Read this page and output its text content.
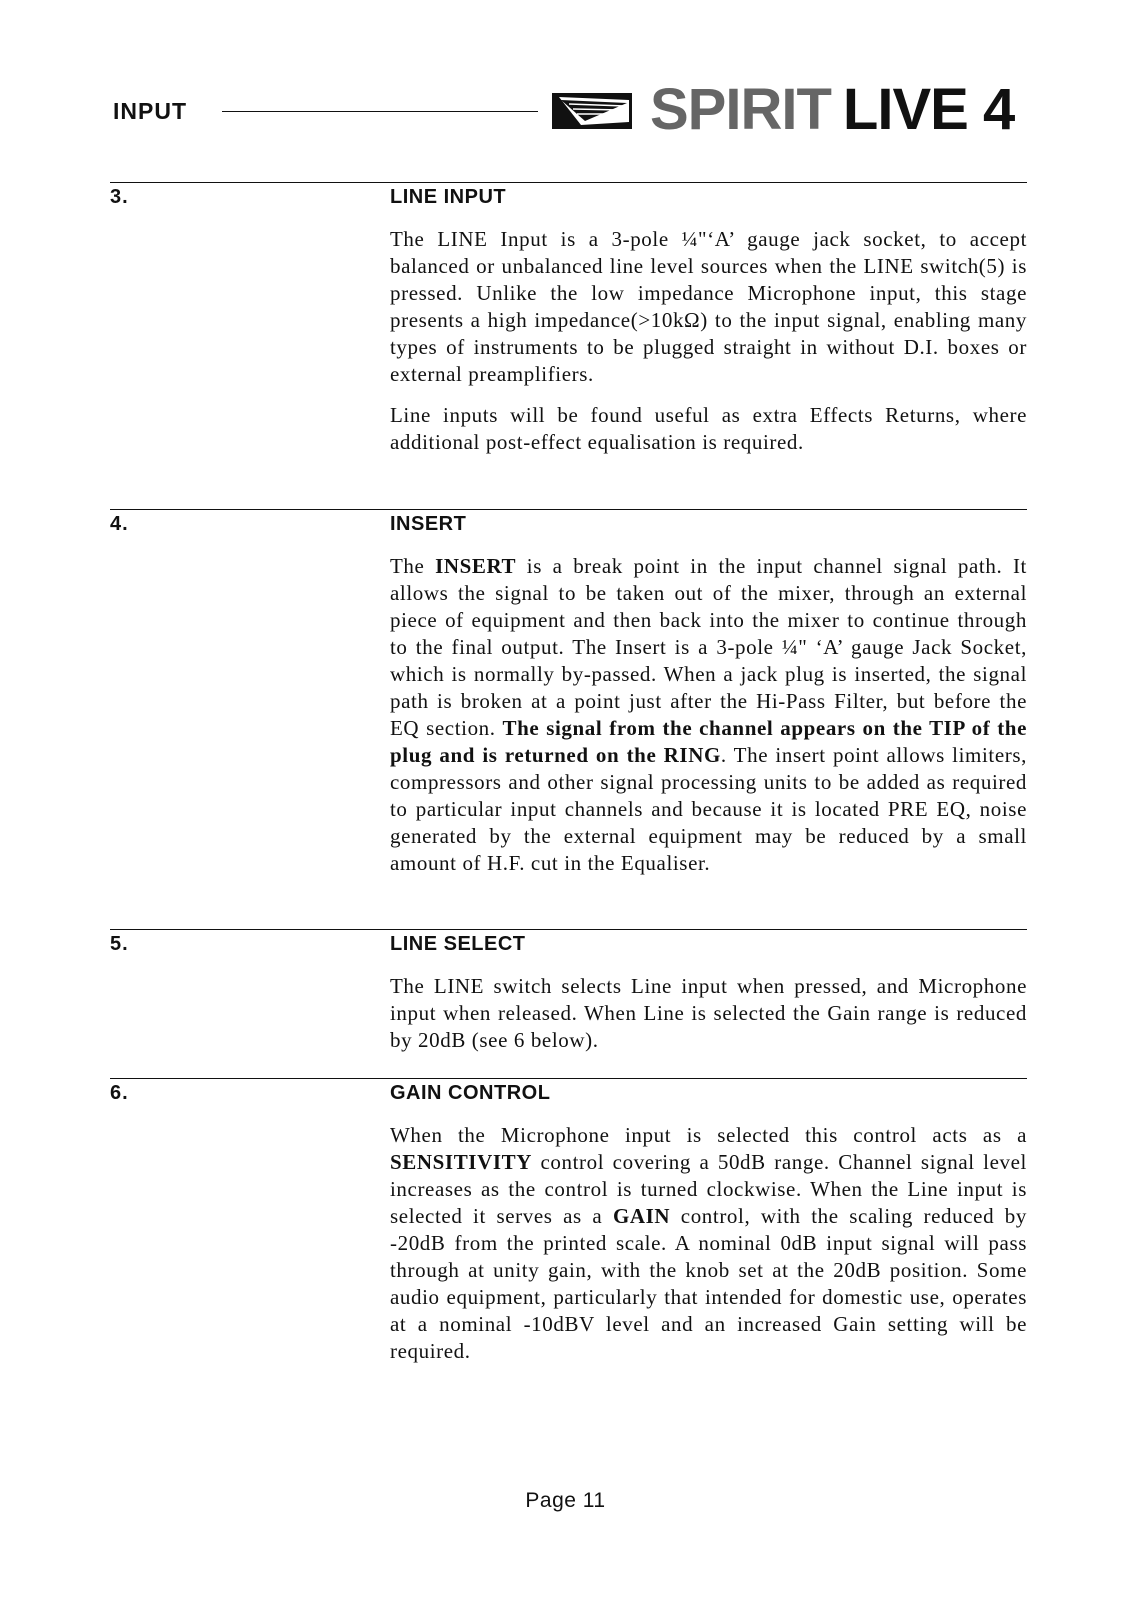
INPUT	SPIRIT LIVE 4
3.	LINE INPUT

The LINE Input is a 3-pole ¼"‘A’ gauge jack socket, to accept balanced or unbalanced line level sources when the LINE switch(5) is pressed. Unlike the low impedance Microphone input, this stage presents a high impedance(>10kΩ) to the input signal, enabling many types of instruments to be plugged straight in without D.I. boxes or external preamplifiers.

Line inputs will be found useful as extra Effects Returns, where additional post-effect equalisation is required.

4.	INSERT

The INSERT is a break point in the input channel signal path. It allows the signal to be taken out of the mixer, through an external piece of equipment and then back into the mixer to continue through to the final output. The Insert is a 3-pole ¼" ‘A’ gauge Jack Socket, which is normally by-passed. When a jack plug is inserted, the signal path is broken at a point just after the Hi-Pass Filter, but before the EQ section. The signal from the channel appears on the TIP of the plug and is returned on the RING. The insert point allows limiters, compressors and other signal processing units to be added as required to particular input channels and because it is located PRE EQ, noise generated by the external equipment may be reduced by a small amount of H.F. cut in the Equaliser.

5.	LINE SELECT

The LINE switch selects Line input when pressed, and Microphone input when released. When Line is selected the Gain range is reduced by 20dB (see 6 below).

6.	GAIN CONTROL

When the Microphone input is selected this control acts as a SENSITIVITY control covering a 50dB range. Channel signal level increases as the control is turned clockwise. When the Line input is selected it serves as a GAIN control, with the scaling reduced by -20dB from the printed scale. A nominal 0dB input signal will pass through at unity gain, with the knob set at the 20dB position. Some audio equipment, particularly that intended for domestic use, operates at a nominal -10dBV level and an increased Gain setting will be required.

Page 11
